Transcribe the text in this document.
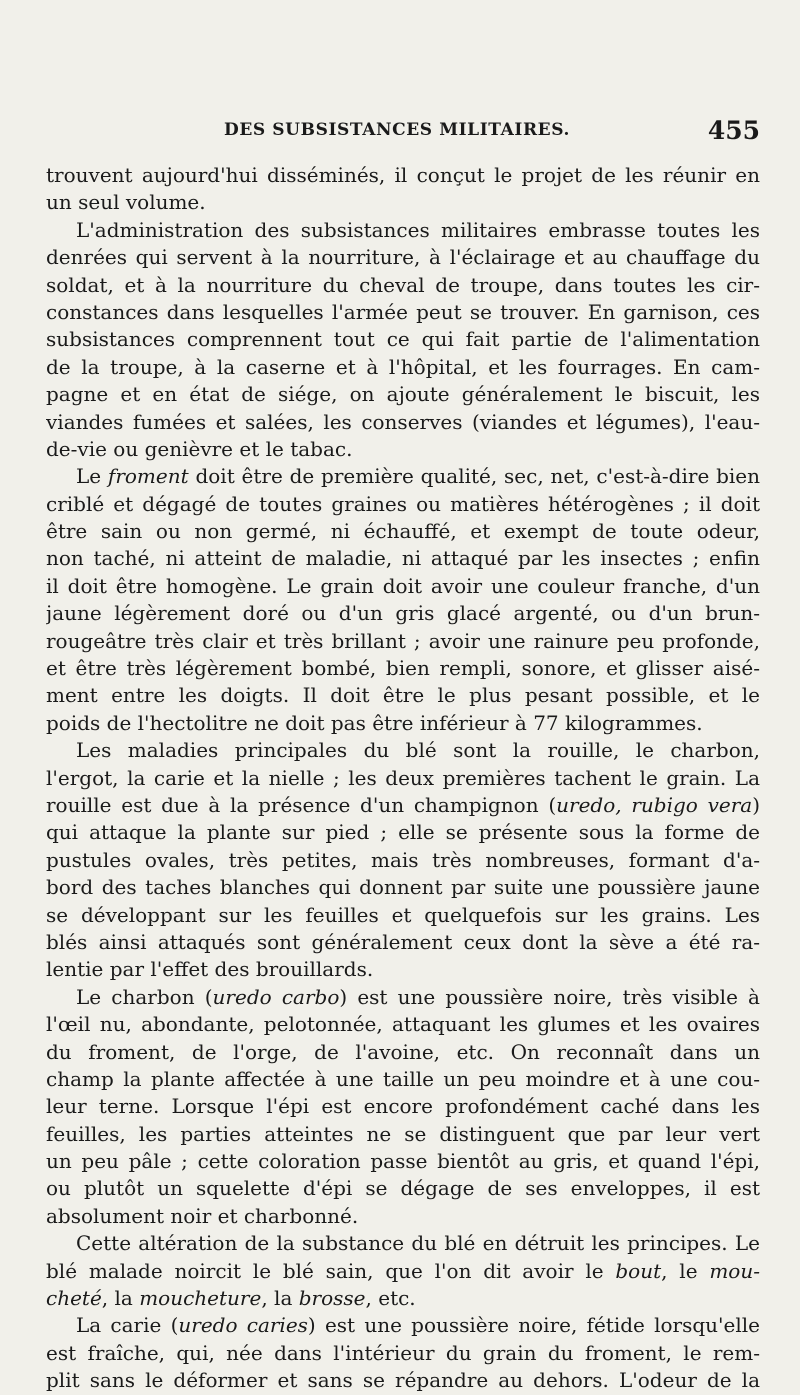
DES SUBSISTANCES MILITAIRES.	455
trouvent aujourd'hui disséminés, il conçut le projet de les réunir en
un seul volume.
L'administration des subsistances militaires embrasse toutes les
denrées qui servent à la nourriture, à l'éclairage et au chauffage du
soldat, et à la nourriture du cheval de troupe, dans toutes les cir-
constances dans lesquelles l'armée peut se trouver. En garnison, ces
subsistances comprennent tout ce qui fait partie de l'alimentation
de la troupe, à la caserne et à l'hôpital, et les fourrages. En cam-
pagne et en état de siége, on ajoute généralement le biscuit, les
viandes fumées et salées, les conserves (viandes et légumes), l'eau-
de-vie ou genièvre et le tabac.
Le froment doit être de première qualité, sec, net, c'est-à-dire bien
criblé et dégagé de toutes graines ou matières hétérogènes ; il doit
être sain ou non germé, ni échauffé, et exempt de toute odeur,
non taché, ni atteint de maladie, ni attaqué par les insectes ; enfin
il doit être homogène. Le grain doit avoir une couleur franche, d'un
jaune légèrement doré ou d'un gris glacé argenté, ou d'un brun-
rougeâtre très clair et très brillant ; avoir une rainure peu profonde,
et être très légèrement bombé, bien rempli, sonore, et glisser aisé-
ment entre les doigts. Il doit être le plus pesant possible, et le
poids de l'hectolitre ne doit pas être inférieur à 77 kilogrammes.
Les maladies principales du blé sont la rouille, le charbon,
l'ergot, la carie et la nielle ; les deux premières tachent le grain. La
rouille est due à la présence d'un champignon (uredo, rubigo vera)
qui attaque la plante sur pied ; elle se présente sous la forme de
pustules ovales, très petites, mais très nombreuses, formant d'a-
bord des taches blanches qui donnent par suite une poussière jaune
se développant sur les feuilles et quelquefois sur les grains. Les
blés ainsi attaqués sont généralement ceux dont la sève a été ra-
lentie par l'effet des brouillards.
Le charbon (uredo carbo) est une poussière noire, très visible à
l'œil nu, abondante, pelotonnée, attaquant les glumes et les ovaires
du froment, de l'orge, de l'avoine, etc. On reconnaît dans un
champ la plante affectée à une taille un peu moindre et à une cou-
leur terne. Lorsque l'épi est encore profondément caché dans les
feuilles, les parties atteintes ne se distinguent que par leur vert
un peu pâle ; cette coloration passe bientôt au gris, et quand l'épi,
ou plutôt un squelette d'épi se dégage de ses enveloppes, il est
absolument noir et charbonné.
Cette altération de la substance du blé en détruit les principes. Le
blé malade noircit le blé sain, que l'on dit avoir le bout, le mou-
cheté, la moucheture, la brosse, etc.
La carie (uredo caries) est une poussière noire, fétide lorsqu'elle
est fraîche, qui, née dans l'intérieur du grain du froment, le rem-
plit sans le déformer et sans se répandre au dehors. L'odeur de la
